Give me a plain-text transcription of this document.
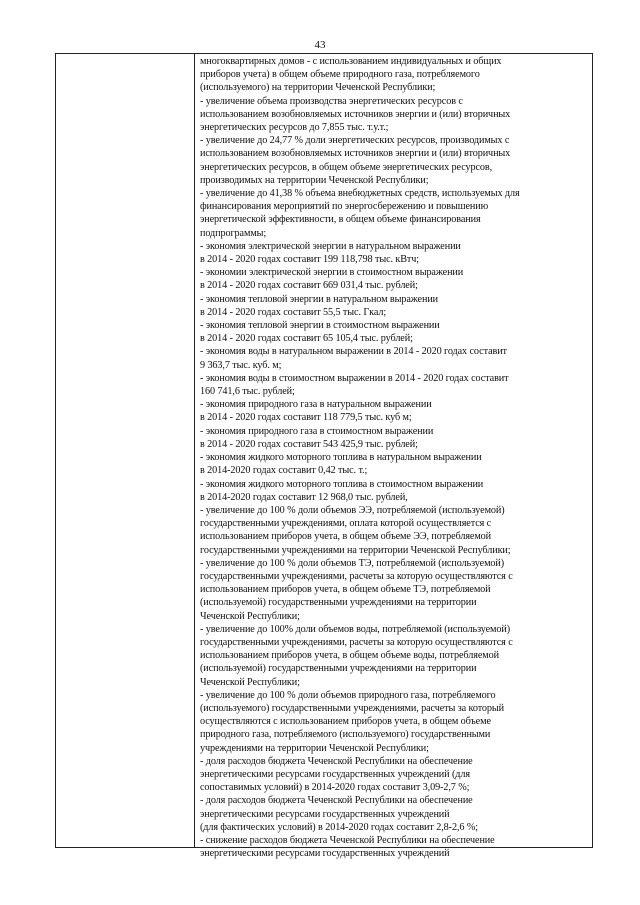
43
многоквартирных домов - с использованием индивидуальных и общих
приборов учета) в общем объеме природного газа, потребляемого
(используемого) на территории Чеченской Республики;
- увеличение объема производства энергетических ресурсов с
использованием возобновляемых источников энергии и (или) вторичных
энергетических ресурсов до 7,855 тыс. т.у.т.;
- увеличение до 24,77 % доли энергетических ресурсов, производимых с
использованием возобновляемых источников энергии и (или) вторичных
энергетических ресурсов, в общем объеме энергетических ресурсов,
производимых на территории Чеченской Республики;
- увеличение до 41,38 % объема внебюджетных средств, используемых для
финансирования мероприятий по энергосбережению и повышению
энергетической эффективности, в общем объеме финансирования
подпрограммы;
- экономия электрической энергии в натуральном выражении
в 2014 - 2020 годах составит 199 118,798 тыс. кВтч;
- экономии электрической энергии в стоимостном выражении
в 2014 - 2020 годах составит 669 031,4 тыс. рублей;
- экономия тепловой энергии в натуральном выражении
в 2014 - 2020 годах составит 55,5 тыс. Гкал;
- экономия тепловой энергии в стоимостном выражении
в 2014 - 2020 годах составит 65 105,4 тыс. рублей;
- экономия воды в натуральном выражении в 2014 - 2020 годах составит
9 363,7 тыс. куб. м;
- экономия воды в стоимостном выражении в 2014 - 2020 годах составит
160 741,6 тыс. рублей;
- экономия природного газа в натуральном выражении
в 2014 - 2020 годах составит 118 779,5 тыс. куб м;
- экономия природного газа в стоимостном выражении
в 2014 - 2020 годах составит 543 425,9 тыс. рублей;
- экономия жидкого моторного топлива в натуральном выражении
в 2014-2020 годах составит 0,42 тыс. т.;
- экономия жидкого моторного топлива в стоимостном выражении
в 2014-2020 годах составит 12 968,0 тыс. рублей,
- увеличение до 100 % доли объемов ЭЭ, потребляемой (используемой)
государственными учреждениями, оплата которой осуществляется с
использованием приборов учета, в общем объеме ЭЭ, потребляемой
государственными учреждениями на территории Чеченской Республики;
- увеличение до 100 % доли объемов ТЭ, потребляемой (используемой)
государственными учреждениями, расчеты за которую осуществляются с
использованием приборов учета, в общем объеме ТЭ, потребляемой
(используемой) государственными учреждениями на территории
Чеченской Республики;
- увеличение до 100% доли объемов воды, потребляемой (используемой)
государственными учреждениями, расчеты за которую осуществляются с
использованием приборов учета, в общем объеме воды, потребляемой
(используемой) государственными учреждениями на территории
Чеченской Республики;
- увеличение до 100 % доли объемов природного газа, потребляемого
(используемого) государственными учреждениями, расчеты за который
осуществляются с использованием приборов учета, в общем объеме
природного газа, потребляемого (используемого) государственными
учреждениями на территории Чеченской Республики;
- доля расходов бюджета Чеченской Республики на обеспечение
энергетическими ресурсами государственных учреждений (для
сопоставимых условий) в 2014-2020 годах составит 3,09-2,7 %;
- доля расходов бюджета Чеченской Республики на обеспечение
энергетическими ресурсами государственных учреждений
(для фактических условий) в 2014-2020 годах составит 2,8-2,6 %;
- снижение расходов бюджета Чеченской Республики на обеспечение
энергетическими ресурсами государственных учреждений
